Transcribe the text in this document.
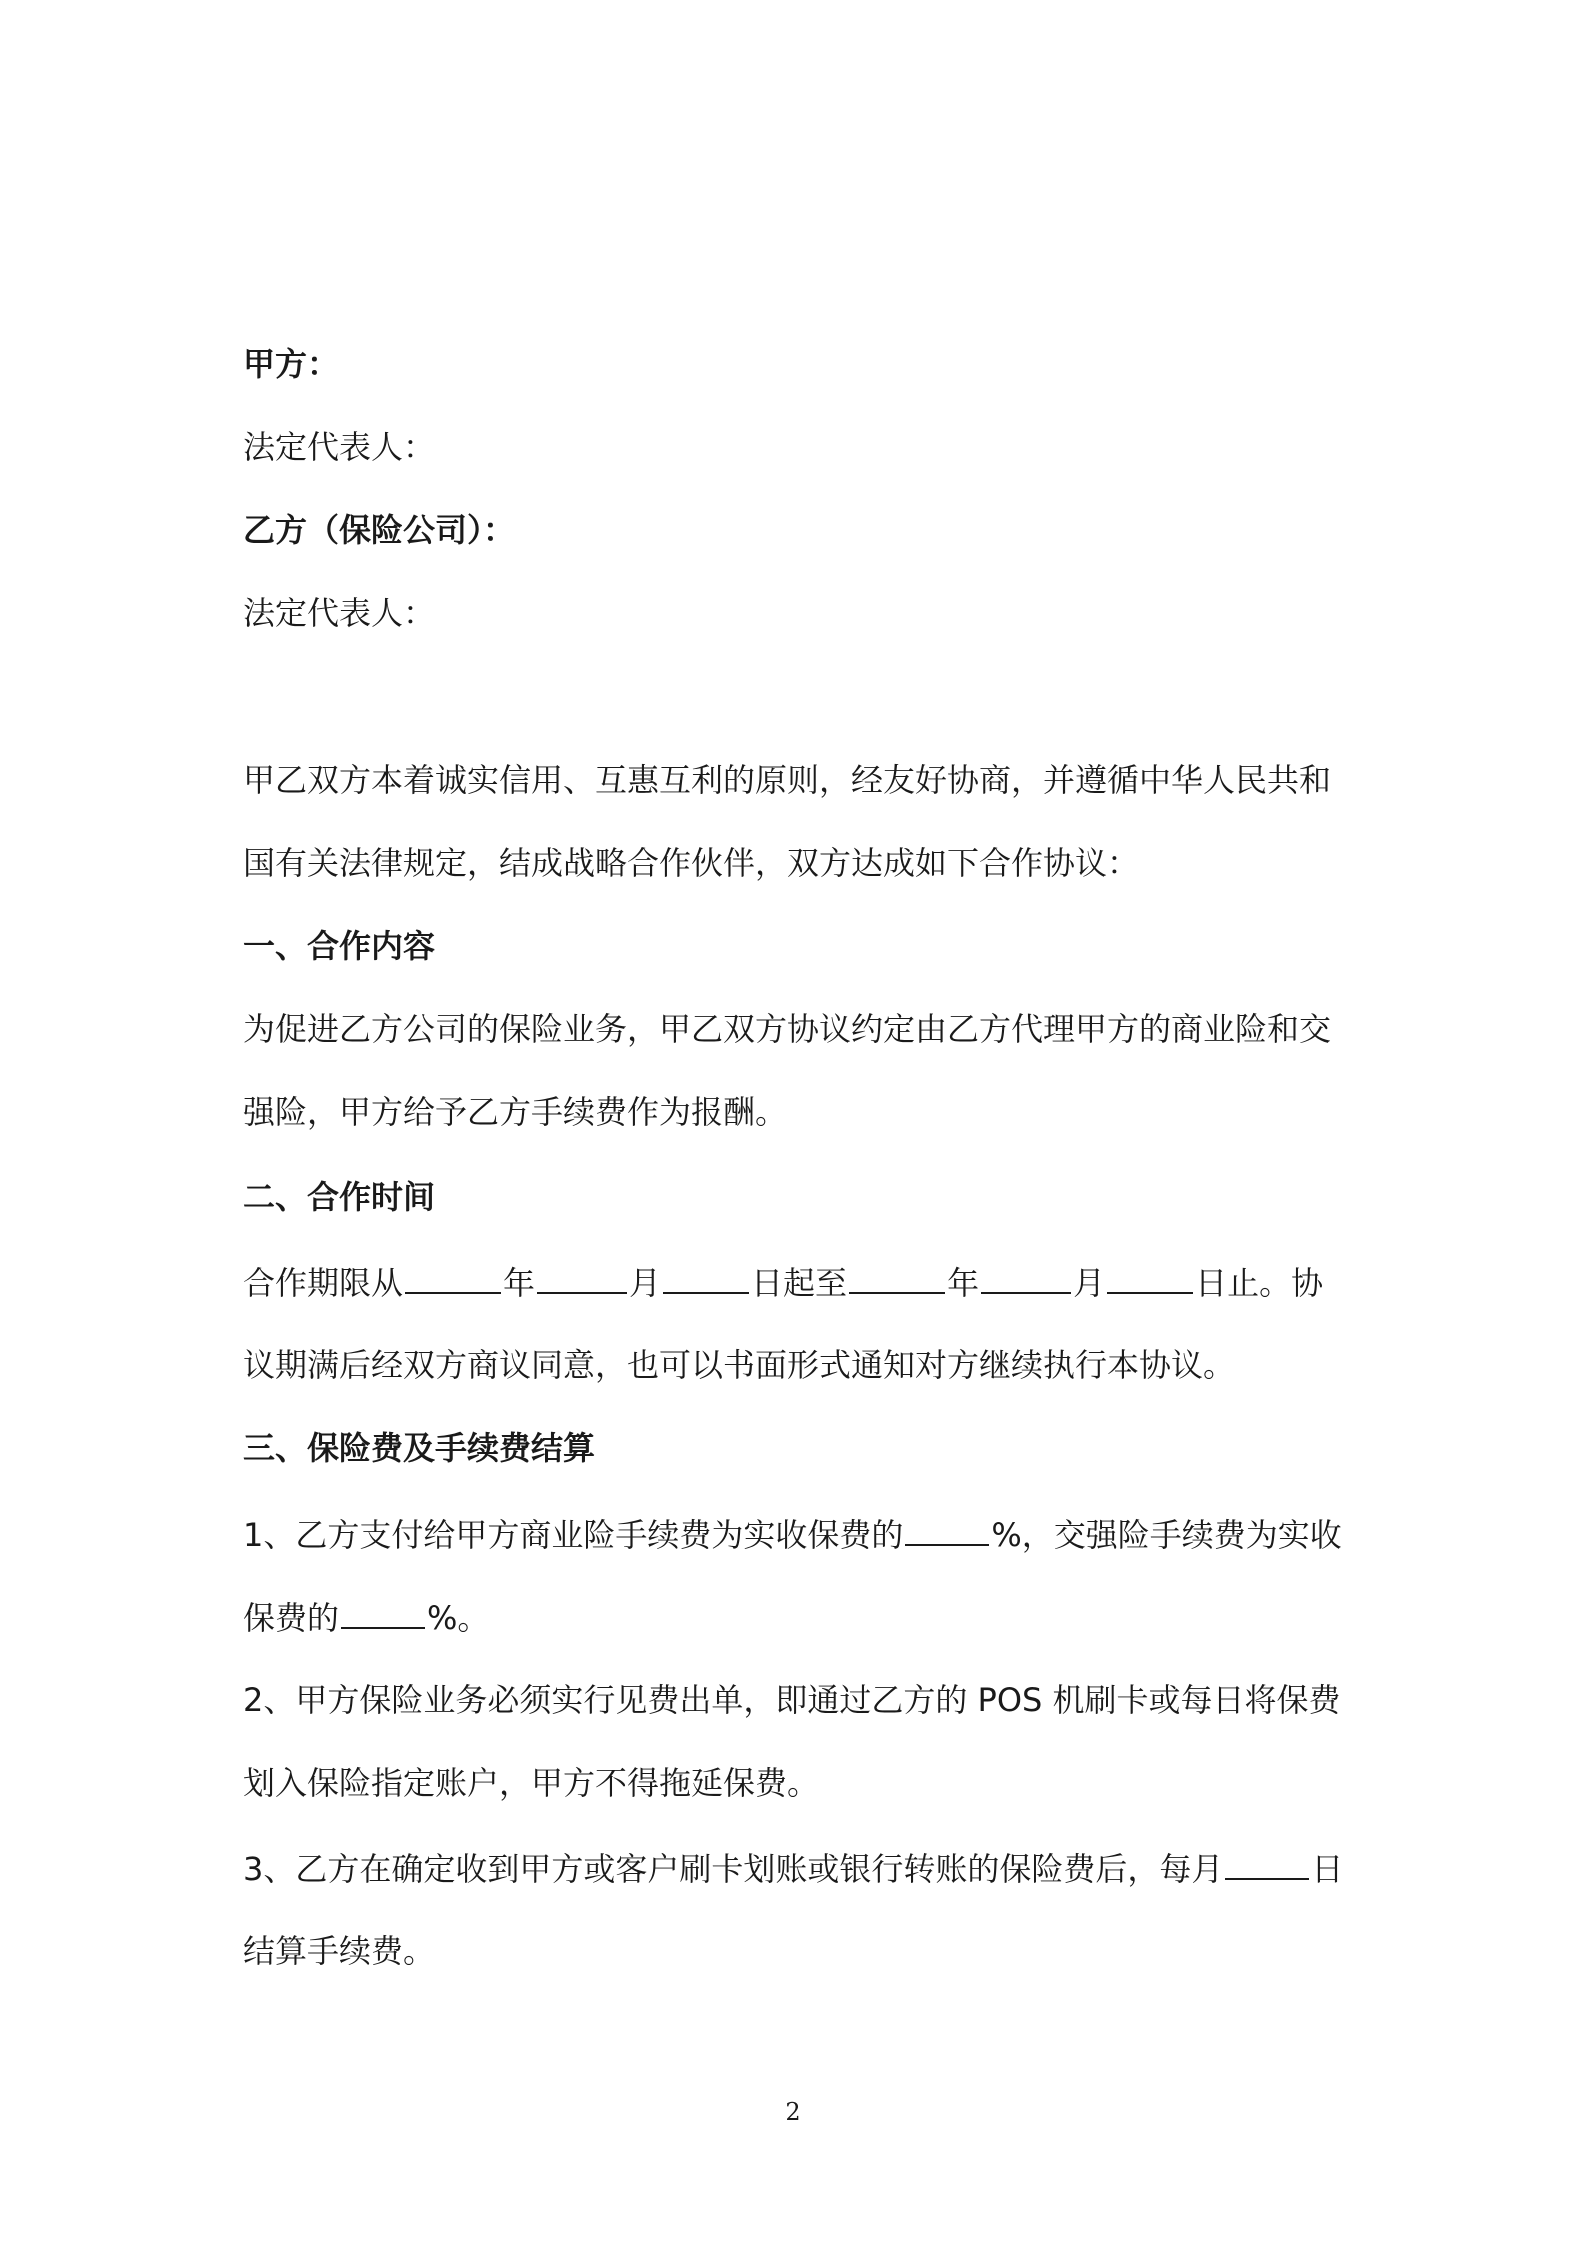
甲方：
法定代表人：
乙方（保险公司）：
法定代表人：
甲乙双方本着诚实信用、互惠互利的原则，经友好协商，并遵循中华人民共和
国有关法律规定，结成战略合作伙伴，双方达成如下合作协议：
一、合作内容
为促进乙方公司的保险业务，甲乙双方协议约定由乙方代理甲方的商业险和交
强险，甲方给予乙方手续费作为报酬。
二、合作时间
合作期限从	年	月	日起至	年	月	日止。协
议期满后经双方商议同意，也可以书面形式通知对方继续执行本协议。
三、保险费及手续费结算
1、乙方支付给甲方商业险手续费为实收保费的	%，交强险手续费为实收
保费的	%。
2、甲方保险业务必须实行见费出单，即通过乙方的 POS 机刷卡或每日将保费
划入保险指定账户，甲方不得拖延保费。
3、乙方在确定收到甲方或客户刷卡划账或银行转账的保险费后，每月	日
结算手续费。
2
